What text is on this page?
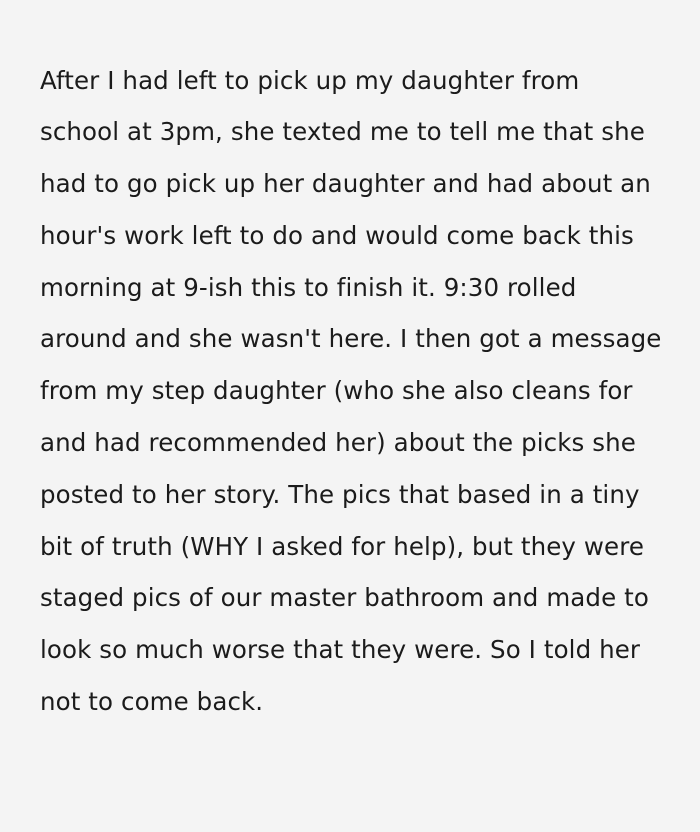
After I had left to pick up my daughter from school at 3pm, she texted me to tell me that she had to go pick up her daughter and had about an hour's work left to do and would come back this morning at 9-ish this to finish it. 9:30 rolled around and she wasn't here. I then got a message from my step daughter (who she also cleans for and had recommended her) about the picks she posted to her story. The pics that based in a tiny bit of truth (WHY I asked for help), but they were staged pics of our master bathroom and made to look so much worse that they were. So I told her not to come back.
